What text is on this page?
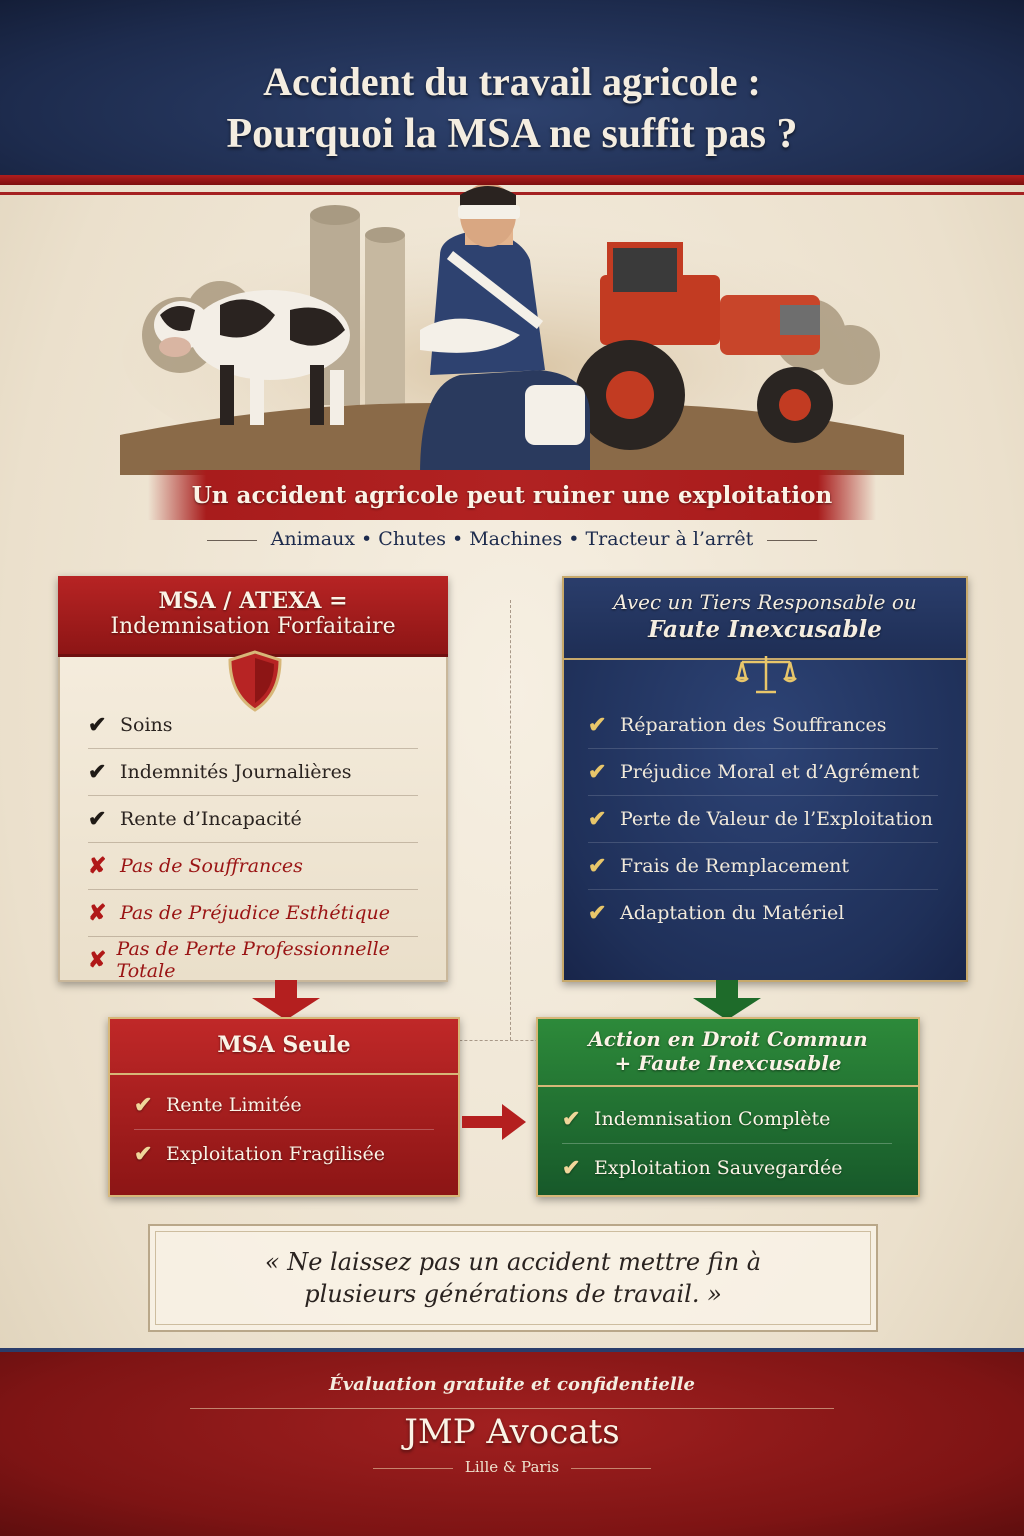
Accident du travail agricole :
Pourquoi la MSA ne suffit pas ?
Un accident agricole peut ruiner une exploitation
Animaux • Chutes • Machines • Tracteur à l’arrêt
MSA / ATEXA =
Indemnisation Forfaitaire
✔ Soins
✔ Indemnités Journalières
✔ Rente d’Incapacité
✘ Pas de Souffrances
✘ Pas de Préjudice Esthétique
✘ Pas de Perte Professionnelle Totale
Avec un Tiers Responsable ou
Faute Inexcusable
✔ Réparation des Souffrances
✔ Préjudice Moral et d’Agrément
✔ Perte de Valeur de l’Exploitation
✔ Frais de Remplacement
✔ Adaptation du Matériel
MSA Seule
✔ Rente Limitée
✔ Exploitation Fragilisée
Action en Droit Commun
+ Faute Inexcusable
✔ Indemnisation Complète
✔ Exploitation Sauvegardée
« Ne laissez pas un accident mettre fin à plusieurs générations de travail. »
Évaluation gratuite et confidentielle
JMP Avocats
Lille & Paris
